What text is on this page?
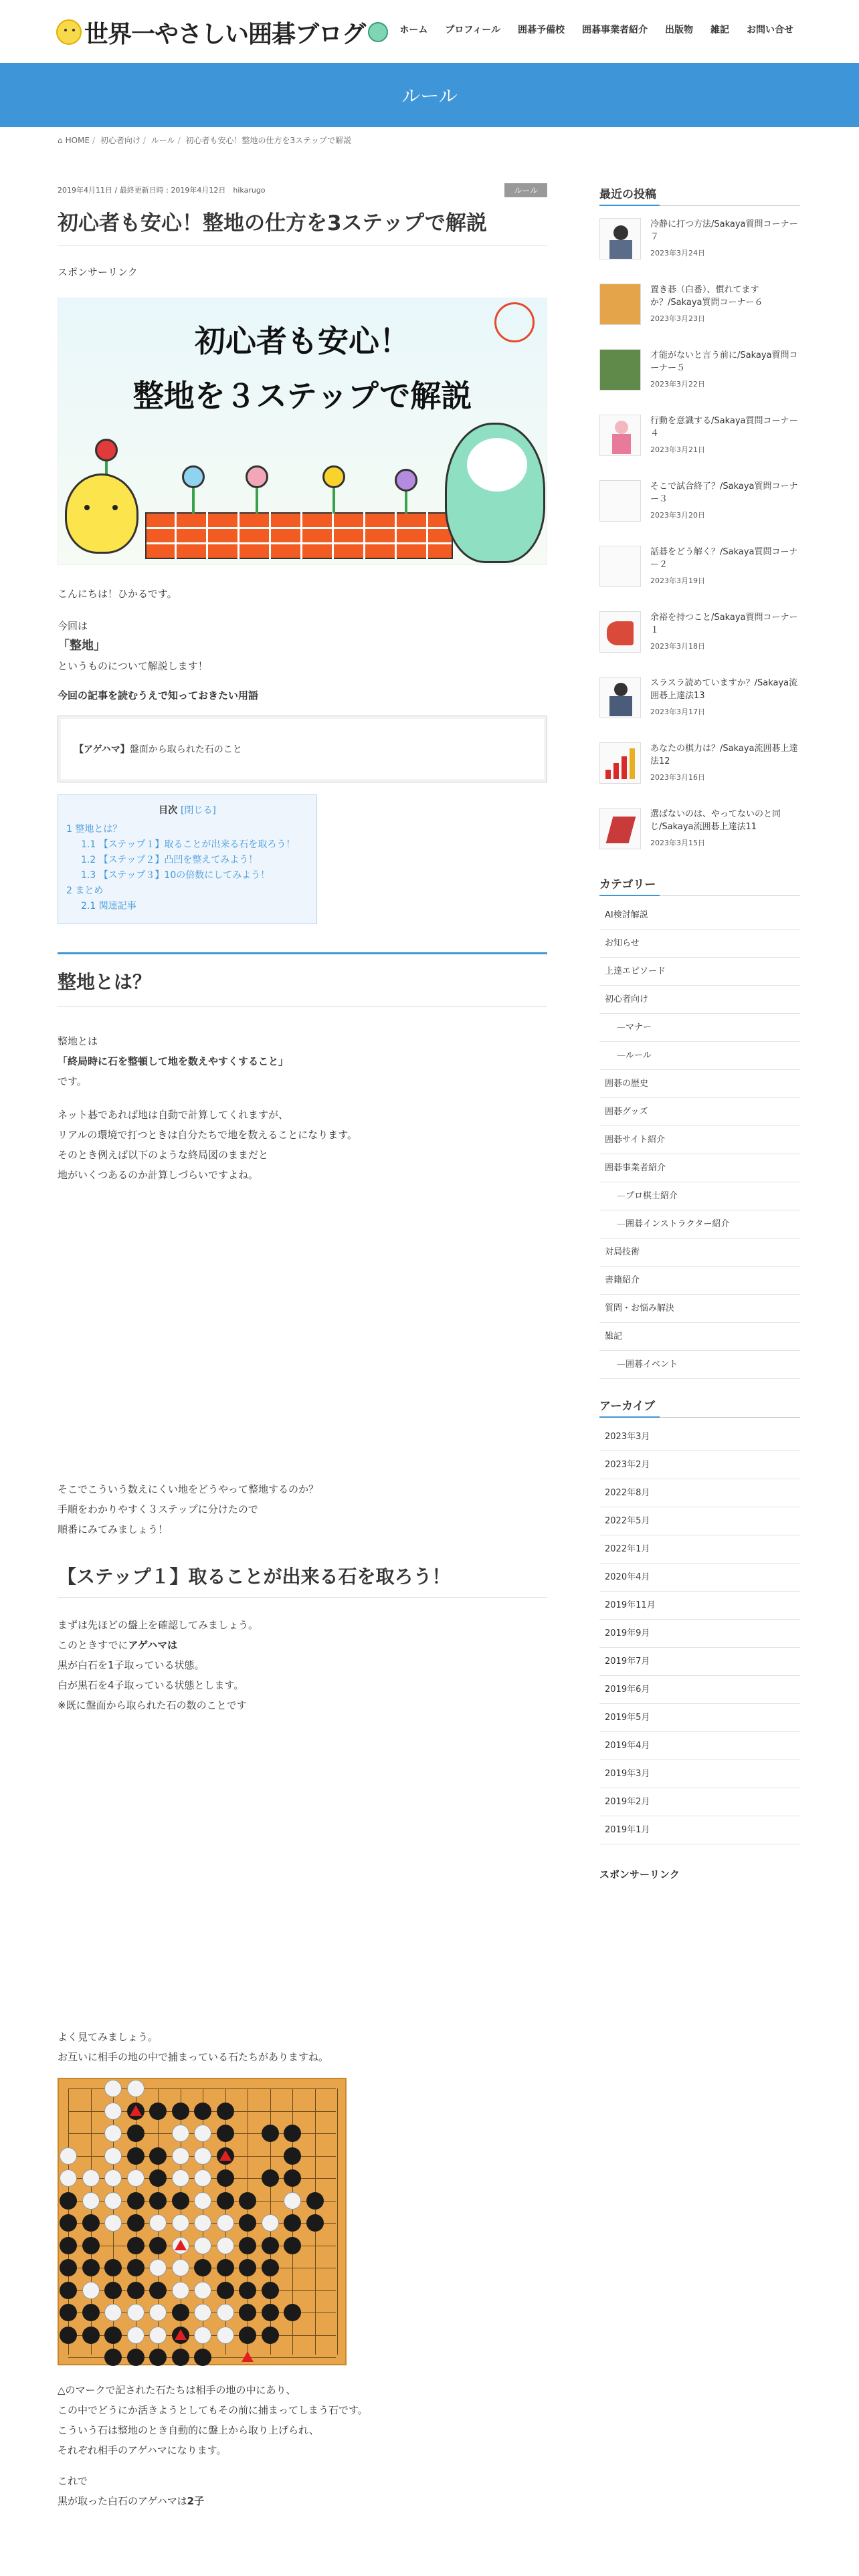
世界一やさしい囲碁ブログ	ホーム プロフィール 囲碁予備校 囲碁事業者紹介 出版物 雑記 お問い合せ
ルール
⌂ HOME / 初心者向け / ルール / 初心者も安心！整地の仕方を3ステップで解説
2019年4月11日 / 最終更新日時 : 2019年4月12日　hikarugo	ルール
初心者も安心！整地の仕方を3ステップで解説

スポンサーリンク

初心者も安心！
整地を３ステップで解説

こんにちは！ひかるです。

今回は

「整地」

というものについて解説します！

今回の記事を読むうえで知っておきたい用語

【アゲハマ】 盤面から取られた石のこと
目次 [閉じる]
1 整地とは？
1.1 【ステップ１】取ることが出来る石を取ろう！
1.2 【ステップ２】凸凹を整えてみよう！
1.3 【ステップ３】10の倍数にしてみよう！
2 まとめ
2.1 関連記事
整地とは？

整地とは

「終局時に石を整頓して地を数えやすくすること」

です。

ネット碁であれば地は自動で計算してくれますが、

リアルの環境で打つときは自分たちで地を数えることになります。

そのとき例えば以下のような終局図のままだと

地がいくつあるのか計算しづらいですよね。

そこでこういう数えにくい地をどうやって整地するのか？

手順をわかりやすく３ステップに分けたので

順番にみてみましょう！

【ステップ１】取ることが出来る石を取ろう！

まずは先ほどの盤上を確認してみましょう。

このときすでにアゲハマは

黒が白石を1子取っている状態。

白が黒石を4子取っている状態とします。

※既に盤面から取られた石の数のことです

よく見てみましょう。

お互いに相手の地の中で捕まっている石たちがありますね。

△のマークで記された石たちは相手の地の中にあり、

この中でどうにか活きようとしてもその前に捕まってしまう石です。

こういう石は整地のとき自動的に盤上から取り上げられ、

それぞれ相手のアゲハマになります。

これで

黒が取った白石のアゲハマは2子

最近の投稿
冷静に打つ方法/Sakaya質問コーナー７
2023年3月24日
置き碁（白番）、慣れてますか？/Sakaya質問コーナー６
2023年3月23日
才能がないと言う前に/Sakaya質問コーナー５
2023年3月22日
行動を意識する/Sakaya質問コーナー４
2023年3月21日
そこで試合終了？/Sakaya質問コーナー３
2023年3月20日
話碁をどう解く？/Sakaya質問コーナー２
2023年3月19日
余裕を持つこと/Sakaya質問コーナー１
2023年3月18日
スラスラ読めていますか？/Sakaya流囲碁上達法13
2023年3月17日
あなたの棋力は？/Sakaya流囲碁上達法12
2023年3月16日
選ばないのは、やってないのと同じ/Sakaya流囲碁上達法11
2023年3月15日
カテゴリー
AI検討解説
お知らせ
上達エピソード
初心者向け
— マナー
— ルール
囲碁の歴史
囲碁グッズ
囲碁サイト紹介
囲碁事業者紹介
— プロ棋士紹介
— 囲碁インストラクター紹介
対局技術
書籍紹介
質問・お悩み解決
雑記
— 囲碁イベント
アーカイブ
2023年3月
2023年2月
2022年8月
2022年5月
2022年1月
2020年4月
2019年11月
2019年9月
2019年7月
2019年6月
2019年5月
2019年4月
2019年3月
2019年2月
2019年1月
スポンサーリンク
